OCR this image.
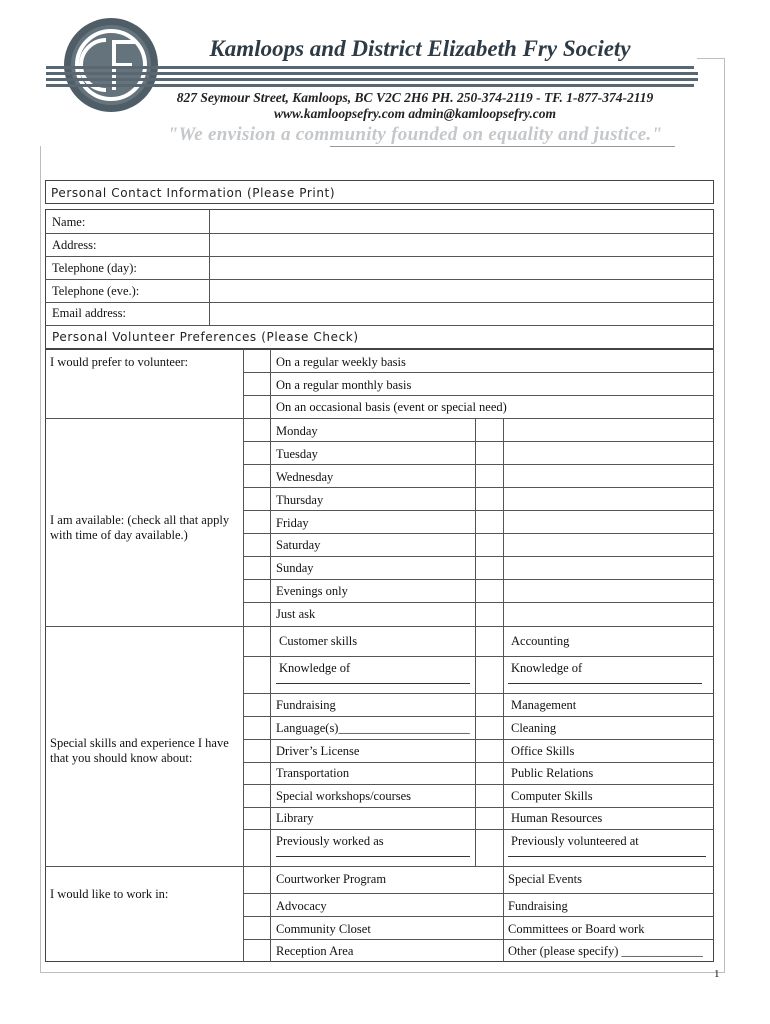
Kamloops and District Elizabeth Fry Society
827 Seymour Street, Kamloops, BC V2C 2H6 PH. 250-374-2119 - TF. 1-877-374-2119
www.kamloopsefry.com admin@kamloopsefry.com
"We envision a community founded on equality and justice."
Personal Contact Information (Please Print)
Name:
Address:
Telephone (day):
Telephone (eve.):
Email address:
Personal Volunteer Preferences (Please Check)
I would prefer to volunteer:	On a regular weekly basis
On a regular monthly basis
On an occasional basis (event or special need)
I am available: (check all that apply with time of day available.)
Monday
Tuesday
Wednesday
Thursday
Friday
Saturday
Sunday
Evenings only
Just ask
Special skills and experience I have that you should know about:
Customer skills
Knowledge of
Fundraising
Language(s)_____________________
Driver’s License
Transportation
Special workshops/courses
Library
Previously worked as
Accounting
Knowledge of
Management
Cleaning
Office Skills
Public Relations
Computer Skills
Human Resources
Previously volunteered at
I would like to work in:
Courtworker Program
Advocacy
Community Closet
Reception Area
Special Events
Fundraising
Committees or Board work
Other (please specify) _____________
1
